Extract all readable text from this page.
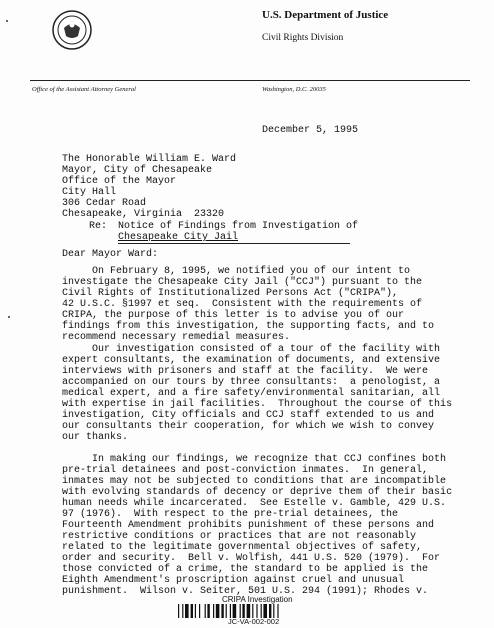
U.S. Department of Justice
Civil Rights Division
Office of the Assistant Attorney General	Washington, D.C. 20035
December 5, 1995
The Honorable William E. Ward
Mayor, City of Chesapeake
Office of the Mayor
City Hall
306 Cedar Road
Chesapeake, Virginia  23320
Re: Notice of Findings from Investigation of
Chesapeake City Jail
Dear Mayor Ward:
On February 8, 1995, we notified you of our intent to
investigate the Chesapeake City Jail ("CCJ") pursuant to the
Civil Rights of Institutionalized Persons Act ("CRIPA"),
42 U.S.C. §1997 et seq.  Consistent with the requirements of
CRIPA, the purpose of this letter is to advise you of our
findings from this investigation, the supporting facts, and to
recommend necessary remedial measures.
Our investigation consisted of a tour of the facility with
expert consultants, the examination of documents, and extensive
interviews with prisoners and staff at the facility.  We were
accompanied on our tours by three consultants:  a penologist, a
medical expert, and a fire safety/environmental sanitarian, all
with expertise in jail facilities.  Throughout the course of this
investigation, City officials and CCJ staff extended to us and
our consultants their cooperation, for which we wish to convey
our thanks.
In making our findings, we recognize that CCJ confines both
pre-trial detainees and post-conviction inmates.  In general,
inmates may not be subjected to conditions that are incompatible
with evolving standards of decency or deprive them of their basic
human needs while incarcerated.  See Estelle v. Gamble, 429 U.S.
97 (1976).  With respect to the pre-trial detainees, the
Fourteenth Amendment prohibits punishment of these persons and
restrictive conditions or practices that are not reasonably
related to the legitimate governmental objectives of safety,
order and security.  Bell v. Wolfish, 441 U.S. 520 (1979).  For
those convicted of a crime, the standard to be applied is the
Eighth Amendment's proscription against cruel and unusual
punishment.  Wilson v. Seiter, 501 U.S. 294 (1991); Rhodes v.
CRIPA Investigation
JC-VA-002-002
